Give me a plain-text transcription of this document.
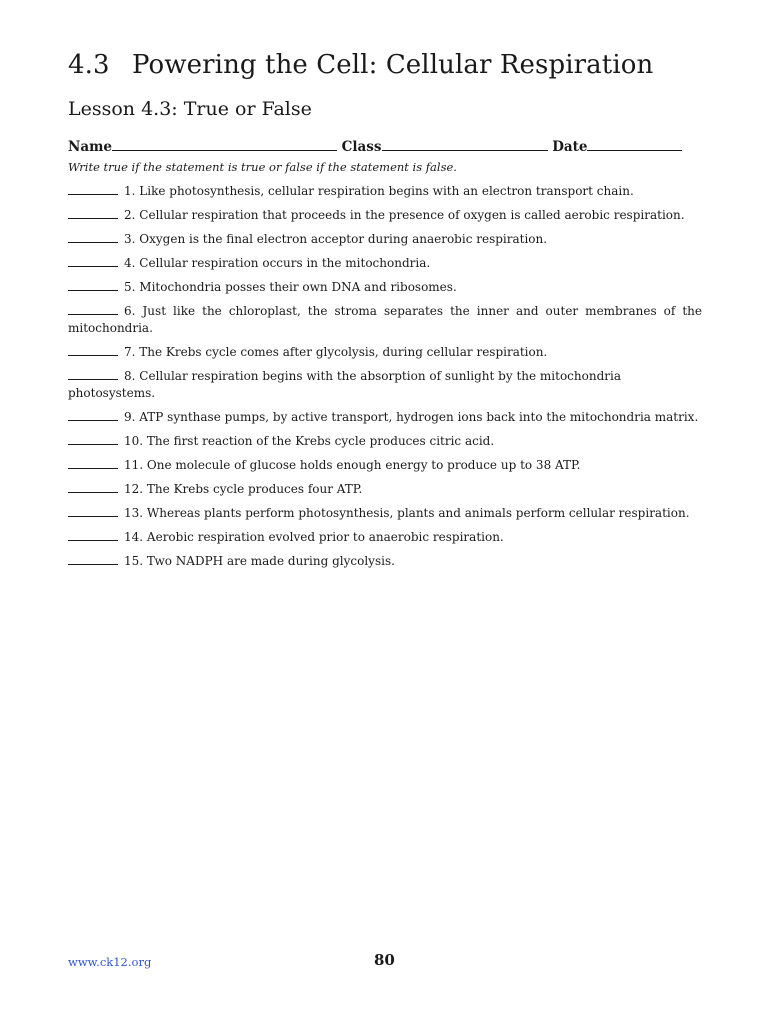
4.3 Powering the Cell: Cellular Respiration
Lesson 4.3: True or False
Name	Class	Date
Write true if the statement is true or false if the statement is false.
1. Like photosynthesis, cellular respiration begins with an electron transport chain.
2. Cellular respiration that proceeds in the presence of oxygen is called aerobic respiration.
3. Oxygen is the final electron acceptor during anaerobic respiration.
4. Cellular respiration occurs in the mitochondria.
5. Mitochondria posses their own DNA and ribosomes.
6. Just like the chloroplast, the stroma separates the inner and outer membranes of the mitochondria.
7. The Krebs cycle comes after glycolysis, during cellular respiration.
8. Cellular respiration begins with the absorption of sunlight by the mitochondria photosystems.
9. ATP synthase pumps, by active transport, hydrogen ions back into the mitochondria matrix.
10. The first reaction of the Krebs cycle produces citric acid.
11. One molecule of glucose holds enough energy to produce up to 38 ATP.
12. The Krebs cycle produces four ATP.
13. Whereas plants perform photosynthesis, plants and animals perform cellular respiration.
14. Aerobic respiration evolved prior to anaerobic respiration.
15. Two NADPH are made during glycolysis.
www.ck12.org	80
